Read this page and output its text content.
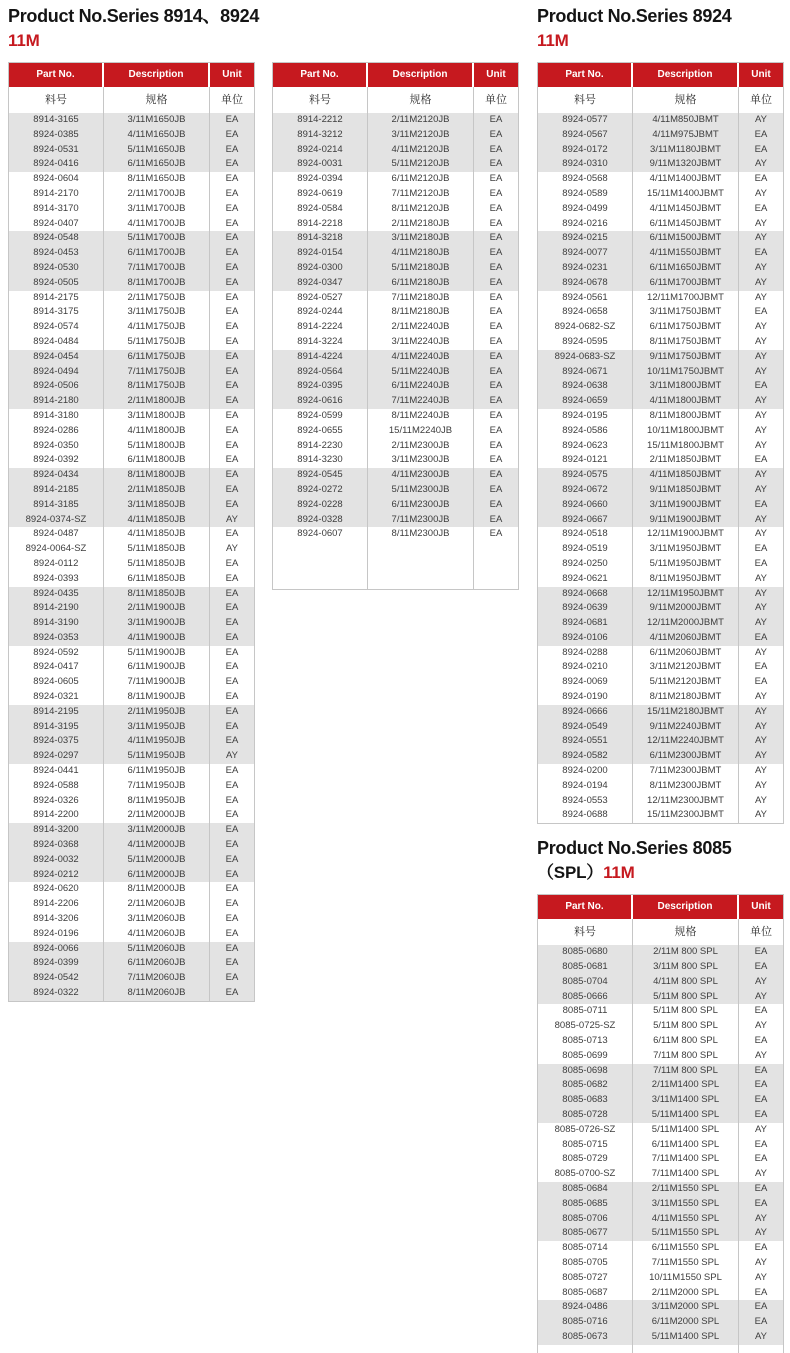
Product No.Series 8914、8924
11M
Part No.	Description	Unit
料号	规格	单位
8914-3165	3/11M1650JB	EA
8924-0385	4/11M1650JB	EA
8924-0531	5/11M1650JB	EA
8924-0416	6/11M1650JB	EA
8924-0604	8/11M1650JB	EA
8914-2170	2/11M1700JB	EA
8914-3170	3/11M1700JB	EA
8924-0407	4/11M1700JB	EA
8924-0548	5/11M1700JB	EA
8924-0453	6/11M1700JB	EA
8924-0530	7/11M1700JB	EA
8924-0505	8/11M1700JB	EA
8914-2175	2/11M1750JB	EA
8914-3175	3/11M1750JB	EA
8924-0574	4/11M1750JB	EA
8924-0484	5/11M1750JB	EA
8924-0454	6/11M1750JB	EA
8924-0494	7/11M1750JB	EA
8924-0506	8/11M1750JB	EA
8914-2180	2/11M1800JB	EA
8914-3180	3/11M1800JB	EA
8924-0286	4/11M1800JB	EA
8924-0350	5/11M1800JB	EA
8924-0392	6/11M1800JB	EA
8924-0434	8/11M1800JB	EA
8914-2185	2/11M1850JB	EA
8914-3185	3/11M1850JB	EA
8924-0374-SZ	4/11M1850JB	AY
8924-0487	4/11M1850JB	EA
8924-0064-SZ	5/11M1850JB	AY
8924-0112	5/11M1850JB	EA
8924-0393	6/11M1850JB	EA
8924-0435	8/11M1850JB	EA
8914-2190	2/11M1900JB	EA
8914-3190	3/11M1900JB	EA
8924-0353	4/11M1900JB	EA
8924-0592	5/11M1900JB	EA
8924-0417	6/11M1900JB	EA
8924-0605	7/11M1900JB	EA
8924-0321	8/11M1900JB	EA
8914-2195	2/11M1950JB	EA
8914-3195	3/11M1950JB	EA
8924-0375	4/11M1950JB	EA
8924-0297	5/11M1950JB	AY
8924-0441	6/11M1950JB	EA
8924-0588	7/11M1950JB	EA
8924-0326	8/11M1950JB	EA
8914-2200	2/11M2000JB	EA
8914-3200	3/11M2000JB	EA
8924-0368	4/11M2000JB	EA
8924-0032	5/11M2000JB	EA
8924-0212	6/11M2000JB	EA
8924-0620	8/11M2000JB	EA
8914-2206	2/11M2060JB	EA
8914-3206	3/11M2060JB	EA
8924-0196	4/11M2060JB	EA
8924-0066	5/11M2060JB	EA
8924-0399	6/11M2060JB	EA
8924-0542	7/11M2060JB	EA
8924-0322	8/11M2060JB	EA
Part No.	Description	Unit
料号	规格	单位
8914-2212	2/11M2120JB	EA
8914-3212	3/11M2120JB	EA
8924-0214	4/11M2120JB	EA
8924-0031	5/11M2120JB	EA
8924-0394	6/11M2120JB	EA
8924-0619	7/11M2120JB	EA
8924-0584	8/11M2120JB	EA
8914-2218	2/11M2180JB	EA
8914-3218	3/11M2180JB	EA
8924-0154	4/11M2180JB	EA
8924-0300	5/11M2180JB	EA
8924-0347	6/11M2180JB	EA
8924-0527	7/11M2180JB	EA
8924-0244	8/11M2180JB	EA
8914-2224	2/11M2240JB	EA
8914-3224	3/11M2240JB	EA
8914-4224	4/11M2240JB	EA
8924-0564	5/11M2240JB	EA
8924-0395	6/11M2240JB	EA
8924-0616	7/11M2240JB	EA
8924-0599	8/11M2240JB	EA
8924-0655	15/11M2240JB	EA
8914-2230	2/11M2300JB	EA
8914-3230	3/11M2300JB	EA
8924-0545	4/11M2300JB	EA
8924-0272	5/11M2300JB	EA
8924-0228	6/11M2300JB	EA
8924-0328	7/11M2300JB	EA
8924-0607	8/11M2300JB	EA
Product No.Series 8924
11M
Part No.	Description	Unit
料号	规格	单位
8924-0577	4/11M850JBMT	AY
8924-0567	4/11M975JBMT	EA
8924-0172	3/11M1180JBMT	EA
8924-0310	9/11M1320JBMT	AY
8924-0568	4/11M1400JBMT	EA
8924-0589	15/11M1400JBMT	AY
8924-0499	4/11M1450JBMT	EA
8924-0216	6/11M1450JBMT	AY
8924-0215	6/11M1500JBMT	AY
8924-0077	4/11M1550JBMT	EA
8924-0231	6/11M1650JBMT	AY
8924-0678	6/11M1700JBMT	AY
8924-0561	12/11M1700JBMT	AY
8924-0658	3/11M1750JBMT	EA
8924-0682-SZ	6/11M1750JBMT	AY
8924-0595	8/11M1750JBMT	AY
8924-0683-SZ	9/11M1750JBMT	AY
8924-0671	10/11M1750JBMT	AY
8924-0638	3/11M1800JBMT	EA
8924-0659	4/11M1800JBMT	AY
8924-0195	8/11M1800JBMT	AY
8924-0586	10/11M1800JBMT	AY
8924-0623	15/11M1800JBMT	AY
8924-0121	2/11M1850JBMT	EA
8924-0575	4/11M1850JBMT	AY
8924-0672	9/11M1850JBMT	AY
8924-0660	3/11M1900JBMT	EA
8924-0667	9/11M1900JBMT	AY
8924-0518	12/11M1900JBMT	AY
8924-0519	3/11M1950JBMT	EA
8924-0250	5/11M1950JBMT	EA
8924-0621	8/11M1950JBMT	AY
8924-0668	12/11M1950JBMT	AY
8924-0639	9/11M2000JBMT	AY
8924-0681	12/11M2000JBMT	AY
8924-0106	4/11M2060JBMT	EA
8924-0288	6/11M2060JBMT	AY
8924-0210	3/11M2120JBMT	EA
8924-0069	5/11M2120JBMT	EA
8924-0190	8/11M2180JBMT	AY
8924-0666	15/11M2180JBMT	AY
8924-0549	9/11M2240JBMT	AY
8924-0551	12/11M2240JBMT	AY
8924-0582	6/11M2300JBMT	AY
8924-0200	7/11M2300JBMT	AY
8924-0194	8/11M2300JBMT	AY
8924-0553	12/11M2300JBMT	AY
8924-0688	15/11M2300JBMT	AY
Product No.Series 8085
（SPL）11M
Part No.	Description	Unit
料号	规格	单位
8085-0680	2/11M 800 SPL	EA
8085-0681	3/11M 800 SPL	EA
8085-0704	4/11M 800 SPL	AY
8085-0666	5/11M 800 SPL	AY
8085-0711	5/11M 800 SPL	EA
8085-0725-SZ	5/11M 800 SPL	AY
8085-0713	6/11M 800 SPL	EA
8085-0699	7/11M 800 SPL	AY
8085-0698	7/11M 800 SPL	EA
8085-0682	2/11M1400 SPL	EA
8085-0683	3/11M1400 SPL	EA
8085-0728	5/11M1400 SPL	EA
8085-0726-SZ	5/11M1400 SPL	AY
8085-0715	6/11M1400 SPL	EA
8085-0729	7/11M1400 SPL	EA
8085-0700-SZ	7/11M1400 SPL	AY
8085-0684	2/11M1550 SPL	EA
8085-0685	3/11M1550 SPL	EA
8085-0706	4/11M1550 SPL	AY
8085-0677	5/11M1550 SPL	AY
8085-0714	6/11M1550 SPL	EA
8085-0705	7/11M1550 SPL	AY
8085-0727	10/11M1550 SPL	AY
8085-0687	2/11M2000 SPL	EA
8924-0486	3/11M2000 SPL	EA
8085-0716	6/11M2000 SPL	EA
8085-0673	5/11M1400 SPL	AY
